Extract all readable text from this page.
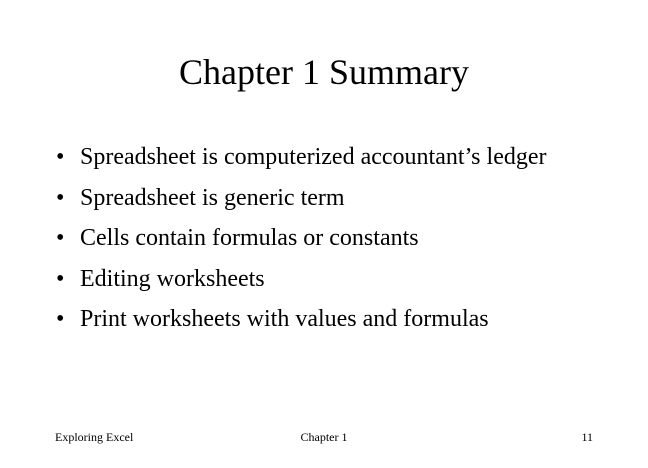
Chapter 1 Summary
• Spreadsheet is computerized accountant’s ledger
• Spreadsheet is generic term
• Cells contain formulas or constants
• Editing worksheets
• Print worksheets with values and formulas
Exploring Excel	Chapter 1	11
